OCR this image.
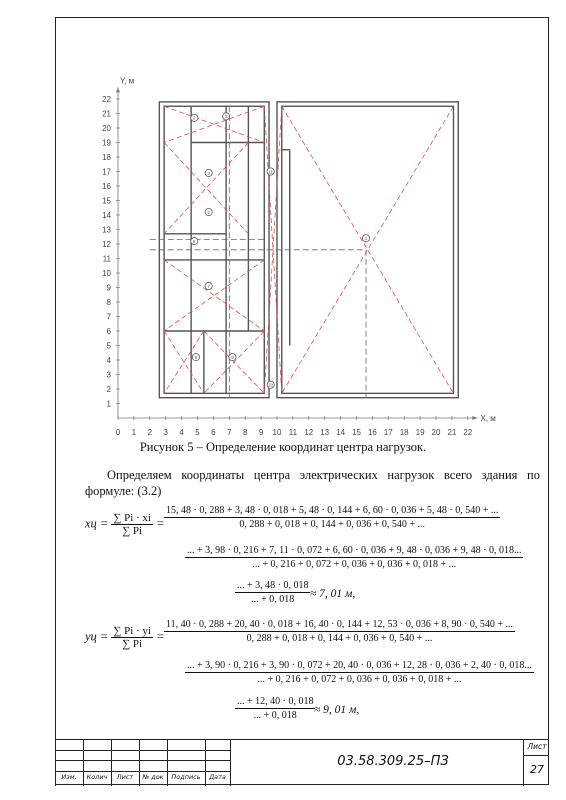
0 1 2 3 4 5 6 7 8 9 10 11 12 13 14 15 16 17 18 19 20 21 22
1
2
3
4
5
6
7
8
9
10
11
12
13
14
15
16
17
18
19
20
21
22
Y, м
X, м
1
2	3
4
5
6
7
8	9
10
11
Рисунок 5 – Определение координат центра нагрузок.
Определяем координаты центра электрических нагрузок всего здания по формуле: (3.2)
xц = $\frac{\sum Pi \cdot xi}{\sum Pi}$ =
15, 48 · 0, 288 + 3, 48 · 0, 018 + 5, 48 · 0, 144 + 6, 60 · 0, 036 + 5, 48 · 0, 540 + ...
0, 288 + 0, 018 + 0, 144 + 0, 036 + 0, 540 + ...
... + 3, 98 · 0, 216 + 7, 11 · 0, 072 + 6, 60 · 0, 036 + 9, 48 · 0, 036 + 9, 48 · 0, 018...
... + 0, 216 + 0, 072 + 0, 036 + 0, 036 + 0, 018 + ...
$\frac{... + 3, 48 \cdot 0, 018}{... + 0, 018} \approx 7$, 01 м,
yц = $\frac{\sum Pi \cdot yi}{\sum Pi}$ =
11, 40 · 0, 288 + 20, 40 · 0, 018 + 16, 40 · 0, 144 + 12, 53 · 0, 036 + 8, 90 · 0, 540 + ...
0, 288 + 0, 018 + 0, 144 + 0, 036 + 0, 540 + ...
... + 3, 90 · 0, 216 + 3, 90 · 0, 072 + 20, 40 · 0, 036 + 12, 28 · 0, 036 + 2, 40 · 0, 018...
... + 0, 216 + 0, 072 + 0, 036 + 0, 036 + 0, 018 + ...
$\frac{... + 12, 40 \cdot 0, 018}{... + 0, 018}$
≈ 9, 01 м,
Изм.	Колич	Лист	№ док	Подпись	Дата
03.58.309.25–ПЗ
Лист
27
